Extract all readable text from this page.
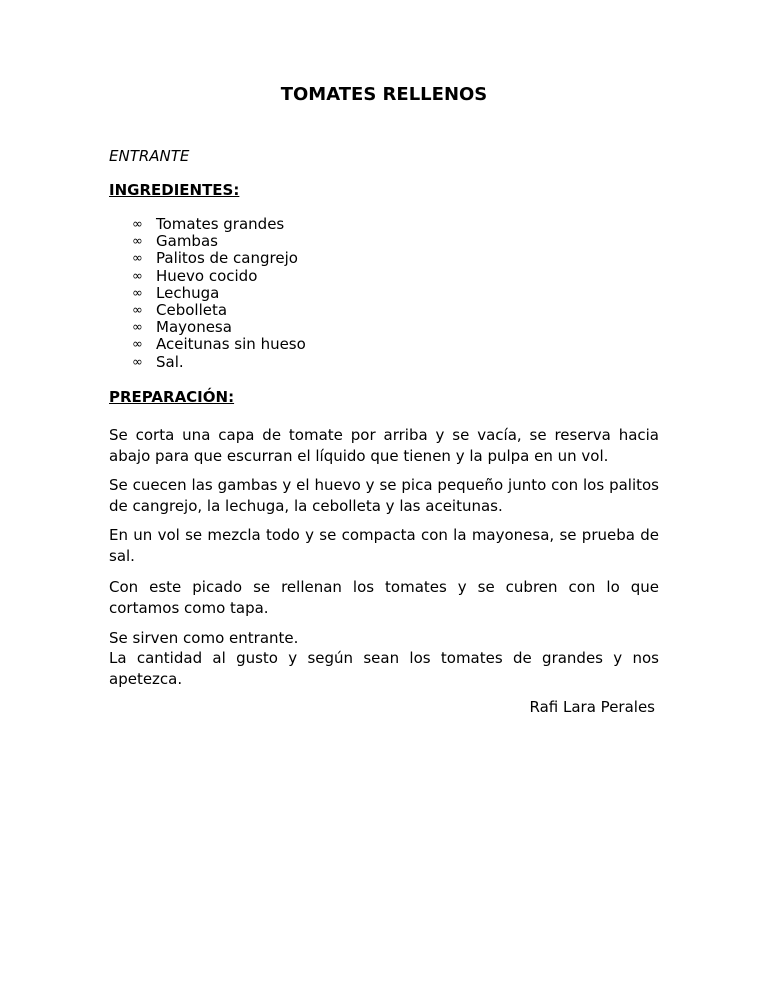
TOMATES RELLENOS

ENTRANTE

INGREDIENTES:

∞ Tomates grandes
∞ Gambas
∞ Palitos de cangrejo
∞ Huevo cocido
∞ Lechuga
∞ Cebolleta
∞ Mayonesa
∞ Aceitunas sin hueso
∞ Sal.

PREPARACIÓN:

Se corta una capa de tomate por arriba y se vacía, se reserva hacia abajo para que escurran el líquido que tienen y la pulpa en un vol.

Se cuecen las gambas y el huevo y se pica pequeño junto con los palitos de cangrejo, la lechuga, la cebolleta y las aceitunas.

En un vol se mezcla todo y se compacta con la mayonesa, se prueba de sal.

Con este picado se rellenan los tomates y se cubren con lo que cortamos como tapa.

Se sirven como entrante.

La cantidad al gusto y según sean los tomates de grandes y nos apetezca.

Rafi Lara Perales
